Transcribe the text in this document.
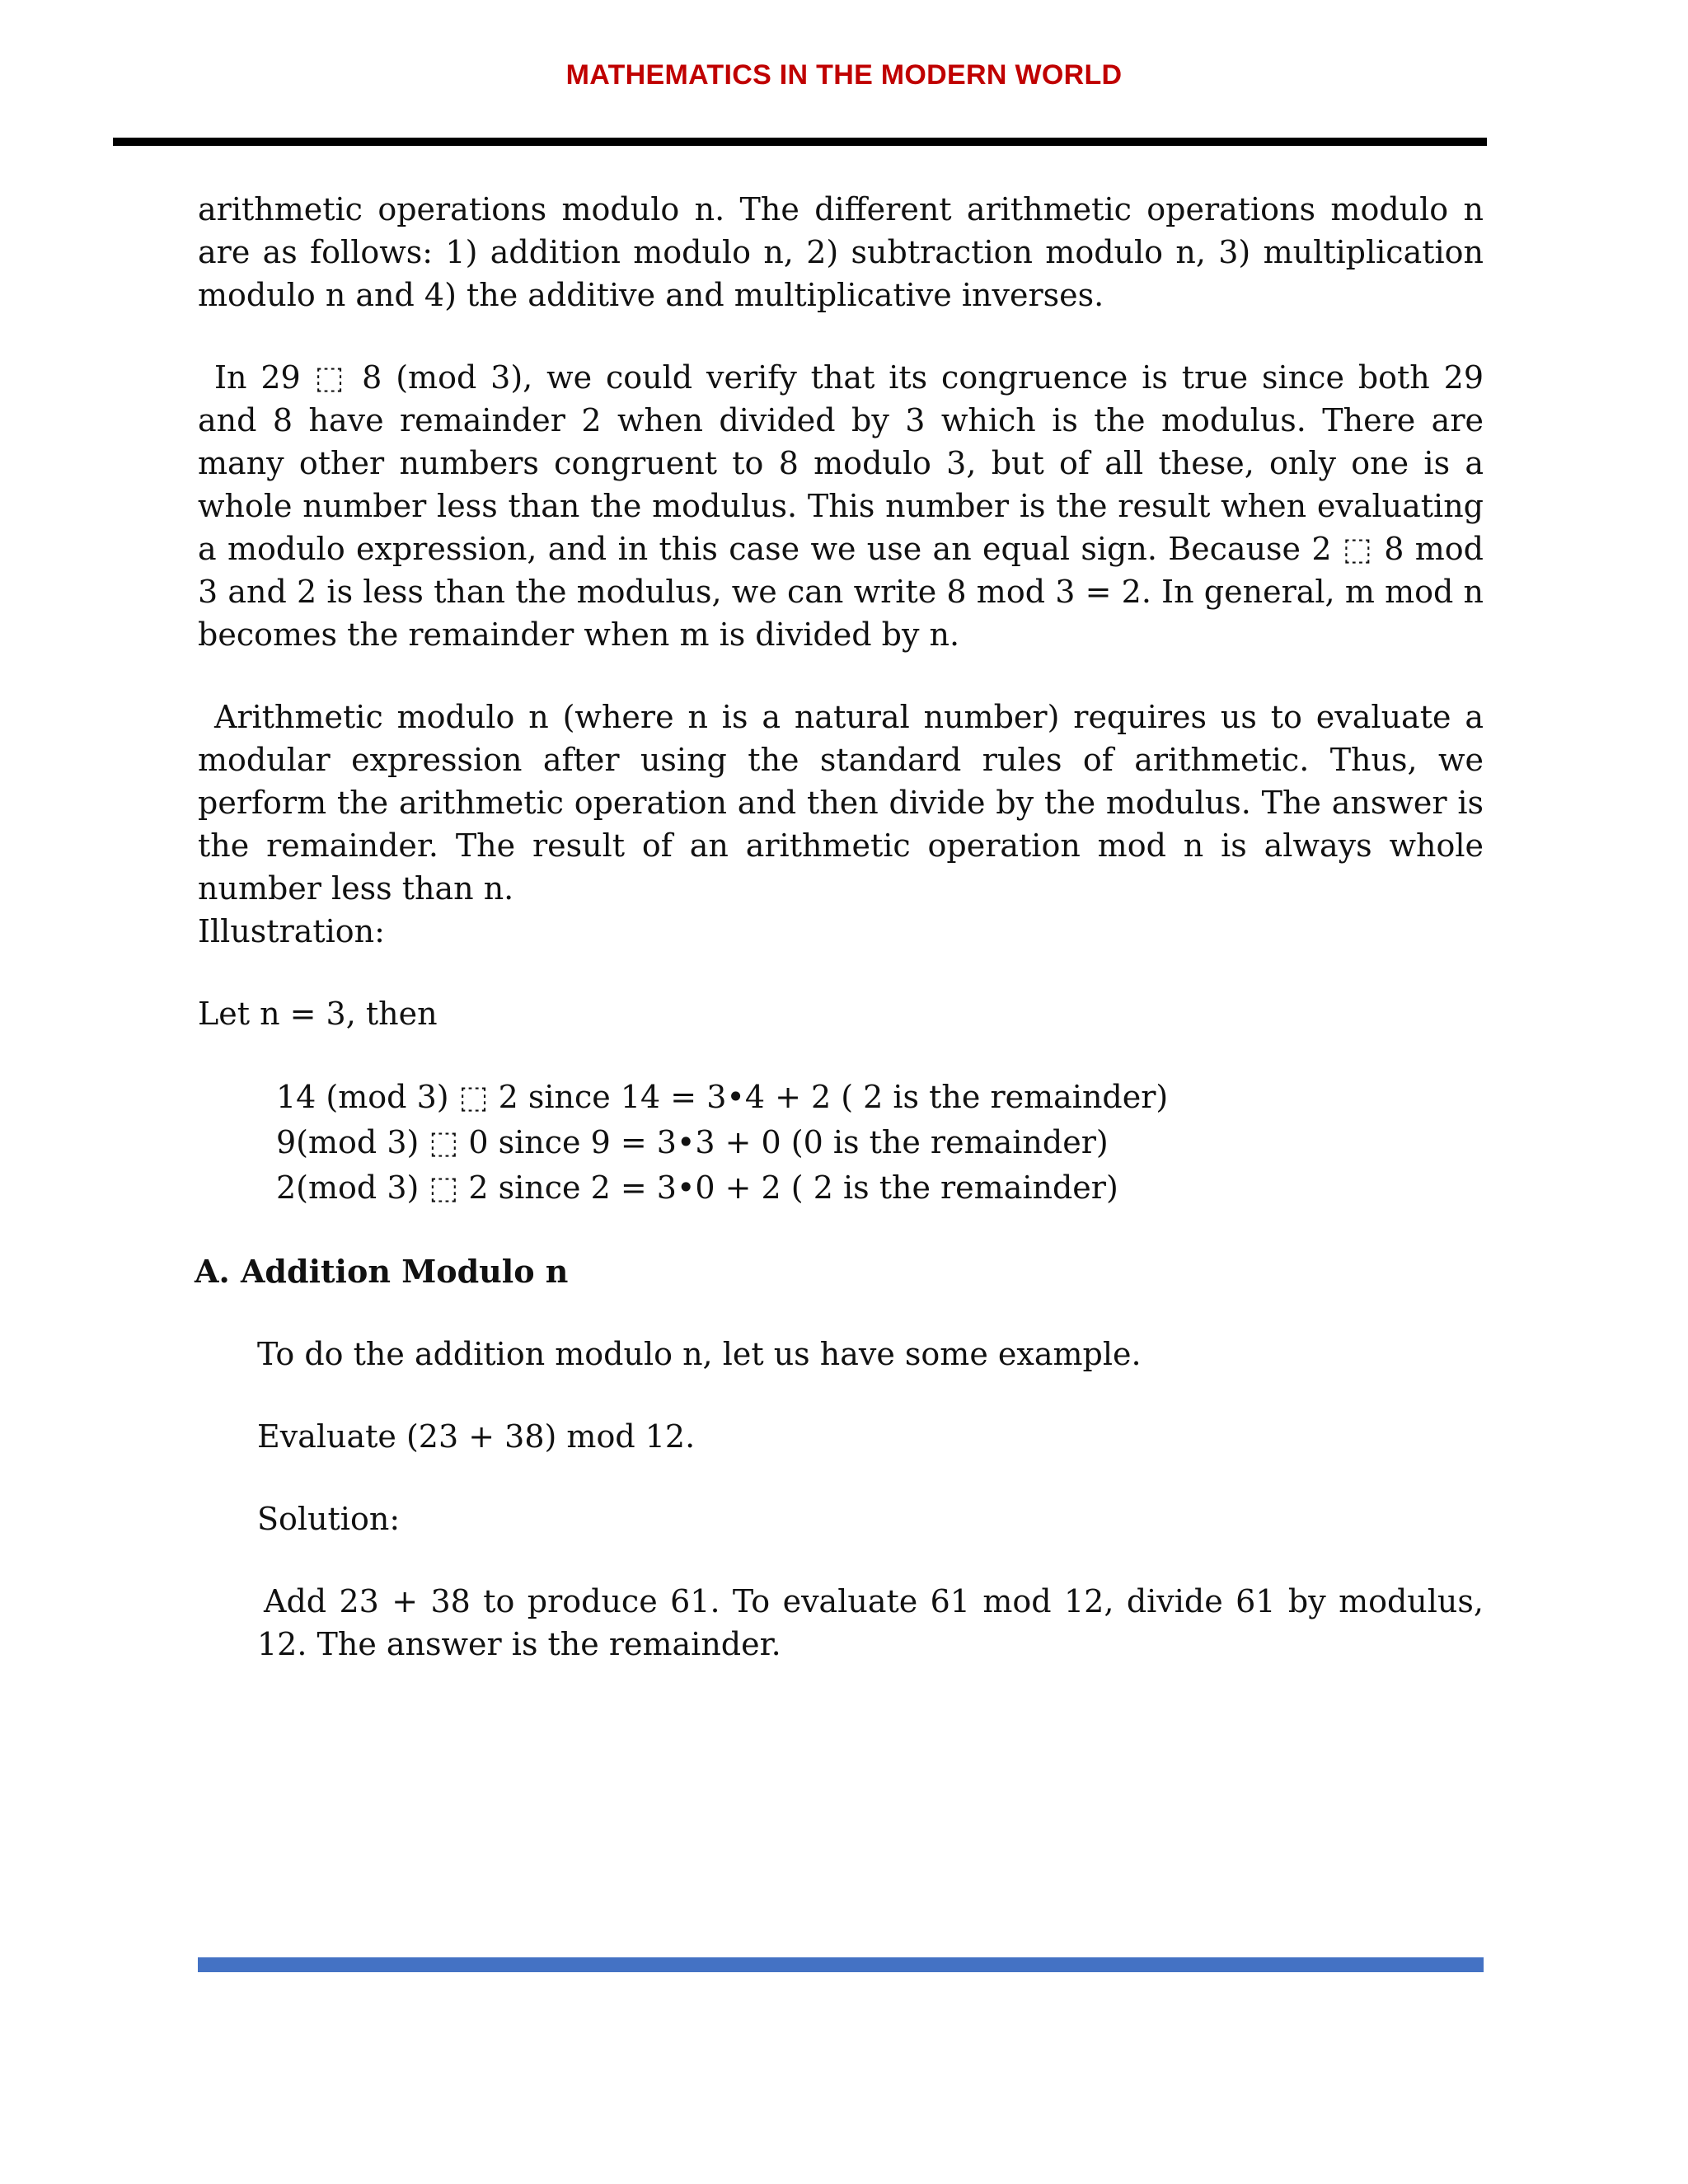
MATHEMATICS IN THE MODERN WORLD

arithmetic operations modulo n. The different arithmetic operations modulo n are as follows: 1) addition modulo n, 2) subtraction modulo n, 3) multiplication modulo n and 4) the additive and multiplicative inverses.

In 29 ⬚ 8 (mod 3), we could verify that its congruence is true since both 29 and 8 have remainder 2 when divided by 3 which is the modulus. There are many other numbers congruent to 8 modulo 3, but of all these, only one is a whole number less than the modulus. This number is the result when evaluating a modulo expression, and in this case we use an equal sign. Because 2 ⬚ 8 mod 3 and 2 is less than the modulus, we can write 8 mod 3 = 2. In general, m mod n becomes the remainder when m is divided by n.

Arithmetic modulo n (where n is a natural number) requires us to evaluate a modular expression after using the standard rules of arithmetic. Thus, we perform the arithmetic operation and then divide by the modulus. The answer is the remainder. The result of an arithmetic operation mod n is always whole number less than n.

Illustration:

Let n = 3, then

14 (mod 3) ⬚ 2 since 14 = 3•4 + 2 ( 2 is the remainder)

9(mod 3) ⬚ 0 since 9 = 3•3 + 0 (0 is the remainder)

2(mod 3) ⬚ 2 since 2 = 3•0 + 2 ( 2 is the remainder)

A. Addition Modulo n

To do the addition modulo n, let us have some example.

Evaluate (23 + 38) mod 12.

Solution:

Add 23 + 38 to produce 61. To evaluate 61 mod 12, divide 61 by modulus, 12. The answer is the remainder.
